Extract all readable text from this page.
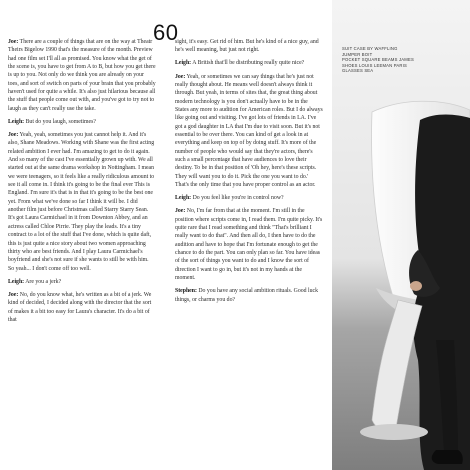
60

Joe: There are a couple of things that are on the way at Theatr Theirs Bigelow 1990 that's the measure of the month. Preview had one film set I'll all as promised. You know what the get of the scene is, you have to get from A to B, but how you get there is up to you. Not only do we think you are already on your toes, and sort of switch on parts of your brain that you probably haven't used for quite a while. It's also just hilarious because all the stuff that people come out with, and you've got to try not to laugh as they can't really use the take.

Leigh: But do you laugh, sometimes?

Joe: Yeah, yeah, sometimes you just cannot help it. And it's also, Shane Meadows. Working with Shane was the first acting related ambition I ever had. I'm amazing to get to do it again. And so many of the cast I've essentially grown up with. We all started out at the same drama workshop in Nottingham. I mean we were teenagers, so it feels like a really ridiculous amount to see it all come in. I think it's going to be the final ever This is England. I'm sure it's that is in that it's going to be the best one yet. From what we've done so far I think it will be. I did another film just before Christmas called Starry Starry Sean. It's got Laura Carmichael in it from Downton Abbey, and an actress called Chloe Pirrie. They play the leads. It's a tiny contract to a lot of the stuff that I've done, which is quite daft, this is just quite a nice story about two women approaching thirty who are best friends. And I play Laura Carmichael's boyfriend and she's not sure if she wants to still be with him. So yeah... I don't come off too well.

Leigh: Are you a jerk?

Joe: No, do you know what, he's written as a bit of a jerk. We kind of decided, I decided along with the director that the sort of makes it a bit too easy for Laura's character. It's do a bit of that

sight, it's easy. Get rid of him. But he's kind of a nice guy, and he's well meaning, but just not right.

Leigh: A British that'll be distributing really quite nice?

Joe: Yeah, or sometimes we can say things that he's just not really thought about. He means well doesn't always think it through. But yeah, in terms of sites that, the great thing about modern technology is you don't actually have to be in the States any more to audition for American roles. But I do always like going out and visiting. I've got lots of friends in LA. I've got a god daughter in LA that I'm due to visit soon. But it's not essential to be over there. You can kind of get a look in at everything and keep on top of by doing stuff. It's more of the number of people who would say that they're actors, there's such a small percentage that have audiences to love their destiny. To be in that position of 'Oh hey, here's these scripts. They will want you to do it. Pick the one you want to do.' That's the only time that you have proper control as an actor.

Leigh: Do you feel like you're in control now?

Joe: No, I'm far from that at the moment. I'm still in the position where scripts come in, I read them. I'm quite picky. It's quite rare that I read something and think "That's brilliant I really want to do that". And then all do, I then have to do the audition and have to hope that I'm fortunate enough to get the chance to do the part. You can only plan so far. You have ideas of the sort of things you want to do and I know the sort of direction I want to go in, but it's not in my hands at the moment.

Stephen: Do you have any social ambition rituals. Good luck things, or charms you do?

SUIT CASE BY WAFFLING
JUMPER BOIT
POCKET SQUARE BEAMS JAMES
SHOES LOUIS LEEMAN PARIS
GLASSES SEA
